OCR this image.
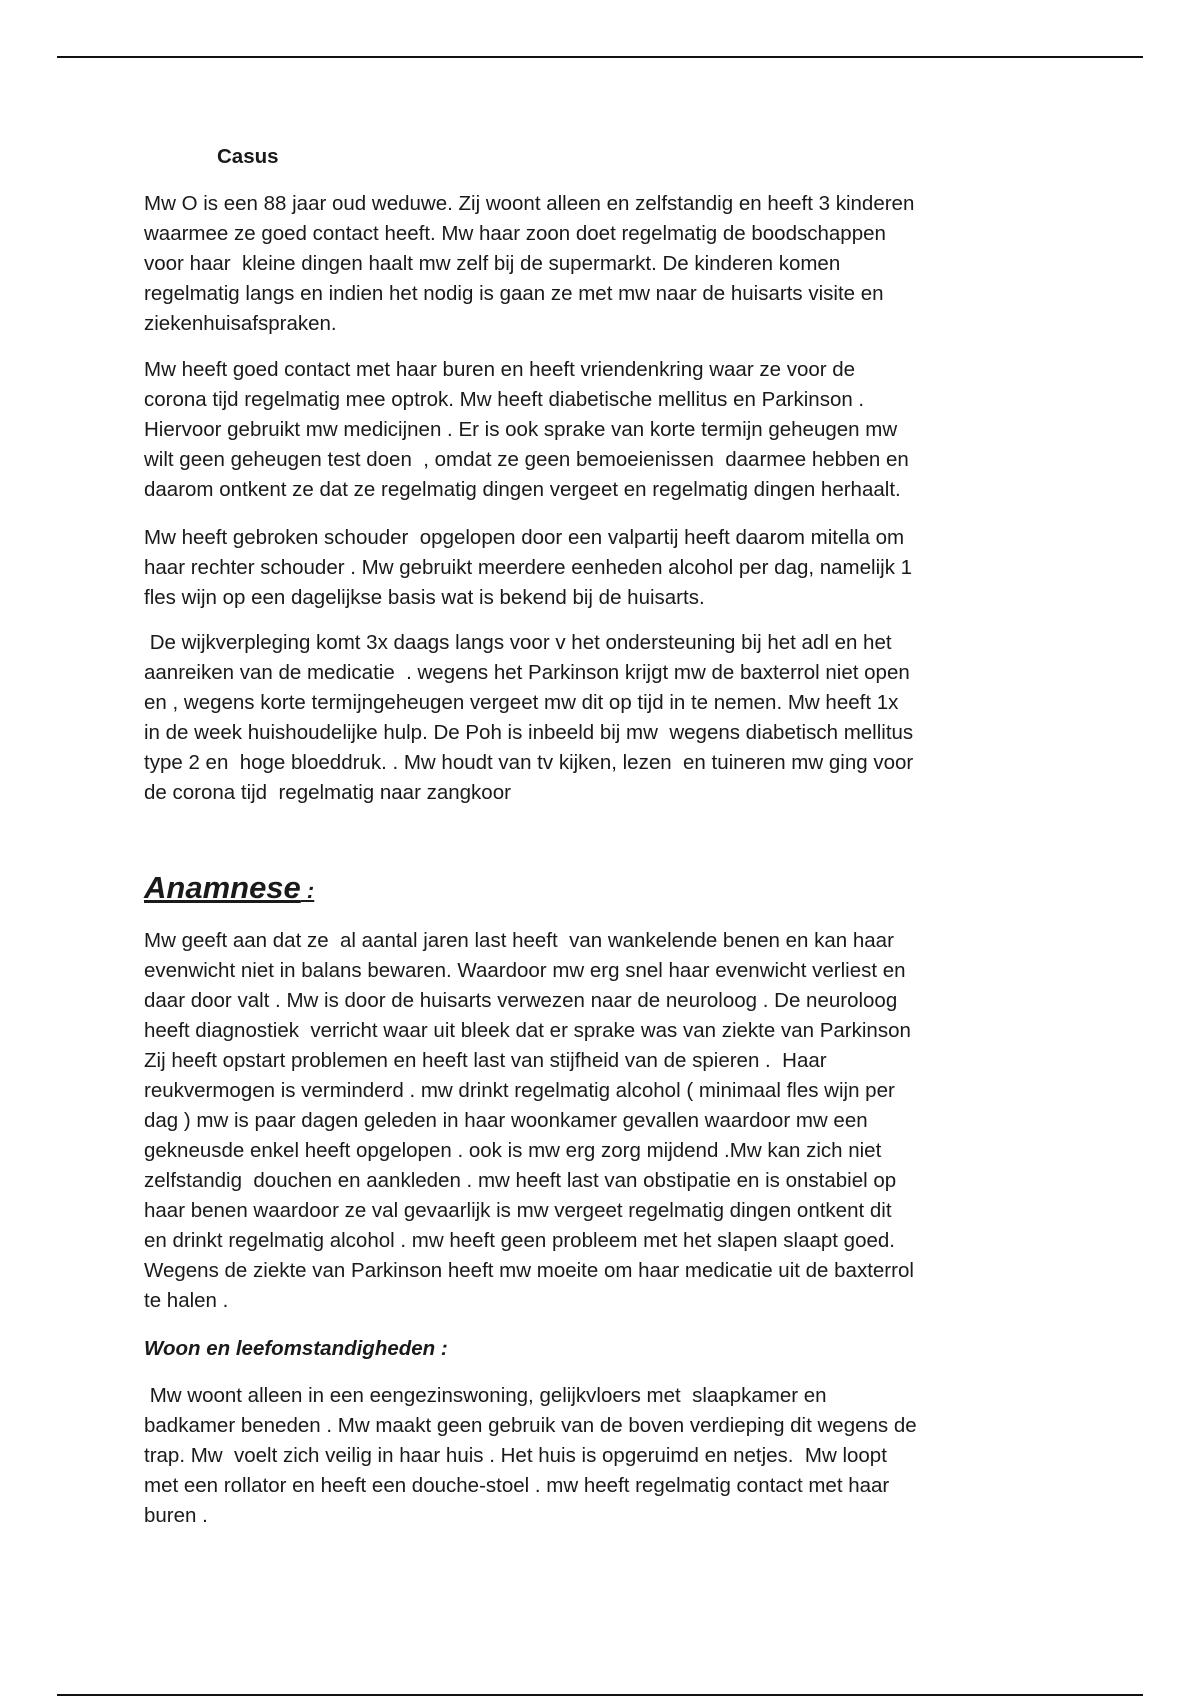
Casus
Mw O is een 88 jaar oud weduwe. Zij woont alleen en zelfstandig en heeft 3 kinderen
waarmee ze goed contact heeft. Mw haar zoon doet regelmatig de boodschappen
voor haar  kleine dingen haalt mw zelf bij de supermarkt. De kinderen komen
regelmatig langs en indien het nodig is gaan ze met mw naar de huisarts visite en
ziekenhuisafspraken.
Mw heeft goed contact met haar buren en heeft vriendenkring waar ze voor de
corona tijd regelmatig mee optrok. Mw heeft diabetische mellitus en Parkinson .
Hiervoor gebruikt mw medicijnen . Er is ook sprake van korte termijn geheugen mw
wilt geen geheugen test doen  , omdat ze geen bemoeienissen  daarmee hebben en
daarom ontkent ze dat ze regelmatig dingen vergeet en regelmatig dingen herhaalt.
Mw heeft gebroken schouder  opgelopen door een valpartij heeft daarom mitella om
haar rechter schouder . Mw gebruikt meerdere eenheden alcohol per dag, namelijk 1
fles wijn op een dagelijkse basis wat is bekend bij de huisarts.
De wijkverpleging komt 3x daags langs voor v het ondersteuning bij het adl en het
aanreiken van de medicatie  . wegens het Parkinson krijgt mw de baxterrol niet open
en , wegens korte termijngeheugen vergeet mw dit op tijd in te nemen. Mw heeft 1x
in de week huishoudelijke hulp. De Poh is inbeeld bij mw  wegens diabetisch mellitus
type 2 en  hoge bloeddruk. . Mw houdt van tv kijken, lezen  en tuineren mw ging voor
de corona tijd  regelmatig naar zangkoor
Anamnese :
Mw geeft aan dat ze  al aantal jaren last heeft  van wankelende benen en kan haar
evenwicht niet in balans bewaren. Waardoor mw erg snel haar evenwicht verliest en
daar door valt . Mw is door de huisarts verwezen naar de neuroloog . De neuroloog
heeft diagnostiek  verricht waar uit bleek dat er sprake was van ziekte van Parkinson
Zij heeft opstart problemen en heeft last van stijfheid van de spieren .  Haar
reukvermogen is verminderd . mw drinkt regelmatig alcohol ( minimaal fles wijn per
dag ) mw is paar dagen geleden in haar woonkamer gevallen waardoor mw een
gekneusde enkel heeft opgelopen . ook is mw erg zorg mijdend .Mw kan zich niet
zelfstandig  douchen en aankleden . mw heeft last van obstipatie en is onstabiel op
haar benen waardoor ze val gevaarlijk is mw vergeet regelmatig dingen ontkent dit
en drinkt regelmatig alcohol . mw heeft geen probleem met het slapen slaapt goed.
Wegens de ziekte van Parkinson heeft mw moeite om haar medicatie uit de baxterrol
te halen .
Woon en leefomstandigheden :
Mw woont alleen in een eengezinswoning, gelijkvloers met  slaapkamer en
badkamer beneden . Mw maakt geen gebruik van de boven verdieping dit wegens de
trap. Mw  voelt zich veilig in haar huis . Het huis is opgeruimd en netjes.  Mw loopt
met een rollator en heeft een douche-stoel . mw heeft regelmatig contact met haar
buren .
